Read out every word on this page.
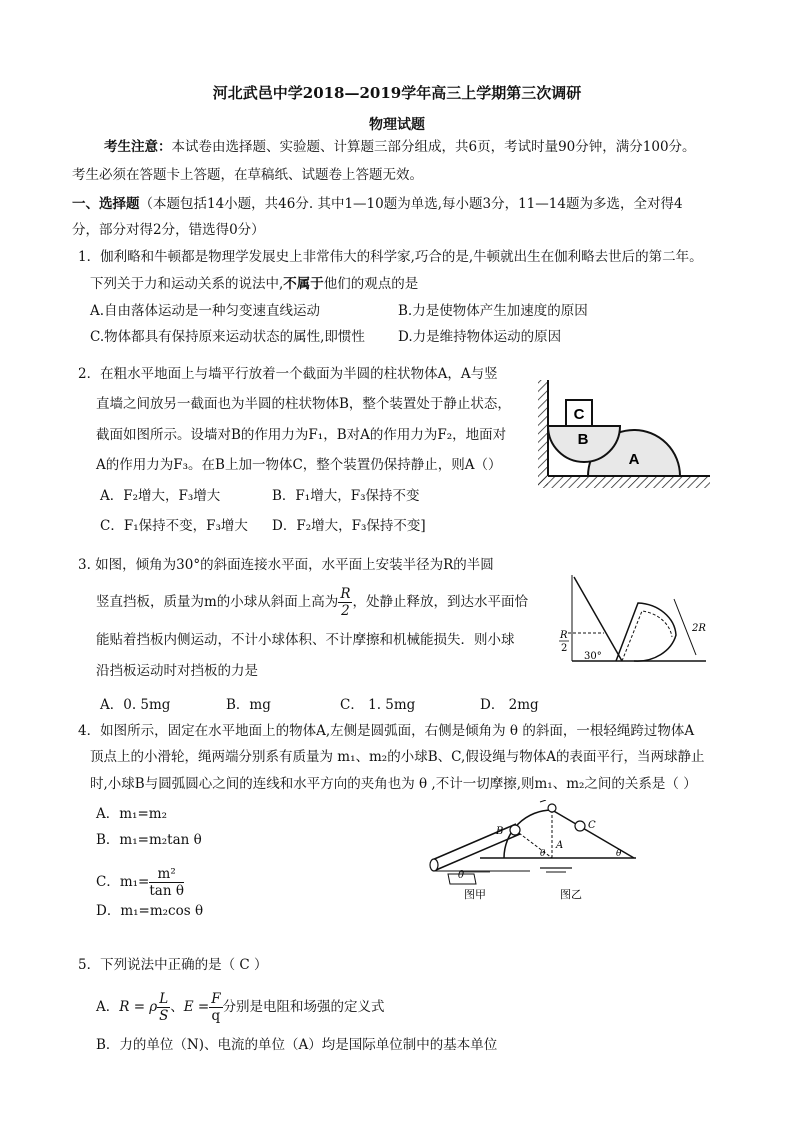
河北武邑中学2018—2019学年高三上学期第三次调研
物理试题
考生注意：本试卷由选择题、实验题、计算题三部分组成，共6页，考试时量90分钟，满分100分。
考生必须在答题卡上答题，在草稿纸、试题卷上答题无效。
一、选择题（本题包括14小题，共46分. 其中1—10题为单选,每小题3分，11—14题为多选，全对得4
分，部分对得2分，错选得0分）
1．伽利略和牛顿都是物理学发展史上非常伟大的科学家,巧合的是,牛顿就出生在伽利略去世后的第二年。
下列关于力和运动关系的说法中,不属于他们的观点的是
A.自由落体运动是一种匀变速直线运动	B.力是使物体产生加速度的原因
C.物体都具有保持原来运动状态的属性,即惯性 D.力是维持物体运动的原因
2．在粗水平地面上与墙平行放着一个截面为半圆的柱状物体A，A与竖
直墙之间放另一截面也为半圆的柱状物体B，整个装置处于静止状态，
截面如图所示。设墙对B的作用力为F₁，B对A的作用力为F₂，地面对
A的作用力为F₃。在B上加一物体C，整个装置仍保持静止，则A（）
A．F₂增大，F₃增大	B．F₁增大，F₃保持不变
C．F₁保持不变，F₃增大 D．F₂增大，F₃保持不变]
C
B
A
3. 如图，倾角为30°的斜面连接水平面，水平面上安装半径为R的半圆
竖直挡板，质量为m的小球从斜面上高为 $\frac{R}{2}$ ，处静止释放，到达水平面恰
能贴着挡板内侧运动，不计小球体积、不计摩擦和机械能损失．则小球
沿挡板运动时对挡板的力是
A．0. 5mg	B．mg	C． 1. 5mg	D． 2mg
R
2
30°
2R
4．如图所示，固定在水平地面上的物体A,左侧是圆弧面，右侧是倾角为 θ 的斜面，一根轻绳跨过物体A
顶点上的小滑轮，绳两端分别系有质量为 m₁、m₂的小球B、C,假设绳与物体A的表面平行，当两球静止
时,小球B与圆弧圆心之间的连线和水平方向的夹角也为 θ ,不计一切摩擦,则m₁、m₂之间的关系是（ ）
A．m₁=m₂
B．m₁=m₂tan θ
C．$m_1= \frac{\text{m²}}{\text{tan θ}}$
D．m₁=m₂cos θ
θ
图甲
B
C
A
θ	θ
图乙
5．下列说法中正确的是（ C ）
A．R = ρ $\frac{L}{S}$ 、$E = \frac{F}{q}$ 分别是电阻和场强的定义式
B．力的单位（N)、电流的单位（A）均是国际单位制中的基本单位
